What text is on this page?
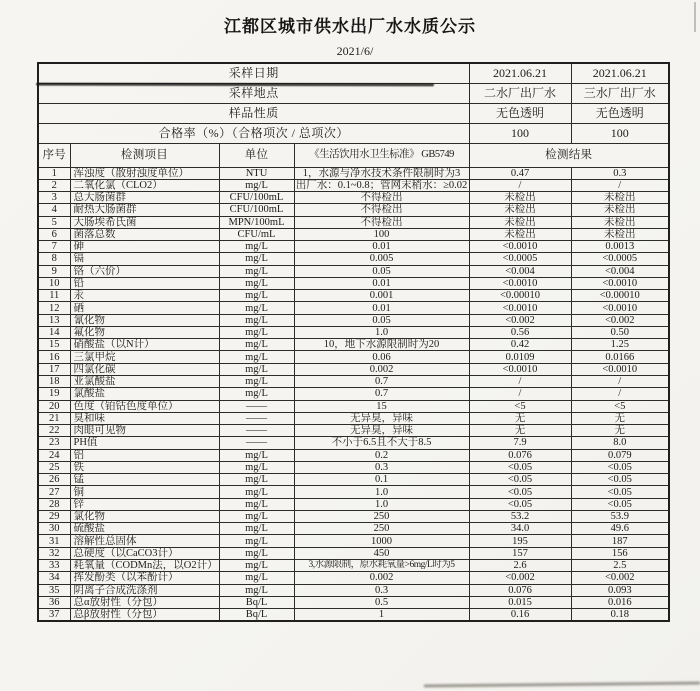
江都区城市供水出厂水水质公示
2021/6/
采样日期				2021.06.21	2021.06.21
采样地点				二水厂出厂水	三水厂出厂水
样品性质				无色透明	无色透明
合格率（%）（合格项次 / 总项次）				100	100
序号	检测项目	单位	《生活饮用水卫生标准》 GB5749	检测结果	
1	浑浊度（散射浊度单位）	NTU	1，水源与净水技术条件限制时为3	0.47	0.3
2	二氧化氯（CLO2）	mg/L	出厂水：0.1~0.8；管网末稍水：≥0.02	/	/
3	总大肠菌群	CFU/100mL	不得检出	未检出	未检出
4	耐热大肠菌群	CFU/100mL	不得检出	未检出	未检出
5	大肠埃希氏菌	MPN/100mL	不得检出	未检出	未检出
6	菌落总数	CFU/mL	100	未检出	未检出
7	砷	mg/L	0.01	<0.0010	0.0013
8	镉	mg/L	0.005	<0.0005	<0.0005
9	铬（六价）	mg/L	0.05	<0.004	<0.004
10	铅	mg/L	0.01	<0.0010	<0.0010
11	汞	mg/L	0.001	<0.00010	<0.00010
12	硒	mg/L	0.01	<0.0010	<0.0010
13	氰化物	mg/L	0.05	<0.002	<0.002
14	氟化物	mg/L	1.0	0.56	0.50
15	硝酸盐（以N计）	mg/L	10，地下水源限制时为20	0.42	1.25
16	三氯甲烷	mg/L	0.06	0.0109	0.0166
17	四氯化碳	mg/L	0.002	<0.0010	<0.0010
18	亚氯酸盐	mg/L	0.7	/	/
19	氯酸盐	mg/L	0.7	/	/
20	色度（铂钴色度单位）	——	15	<5	<5
21	臭和味	——	无异臭，异味	无	无
22	肉眼可见物	——	无异臭，异味	无	无
23	PH值	——	不小于6.5且不大于8.5	7.9	8.0
24	铝	mg/L	0.2	0.076	0.079
25	铁	mg/L	0.3	<0.05	<0.05
26	锰	mg/L	0.1	<0.05	<0.05
27	铜	mg/L	1.0	<0.05	<0.05
28	锌	mg/L	1.0	<0.05	<0.05
29	氯化物	mg/L	250	53.2	53.9
30	硫酸盐	mg/L	250	34.0	49.6
31	溶解性总固体	mg/L	1000	195	187
32	总硬度（以CaCO3计）	mg/L	450	157	156
33	耗氧量（CODMn法，以O2计）	mg/L	3,水源限制，原水耗氧量>6mg/L时为5	2.6	2.5
34	挥发酚类（以苯酚计）	mg/L	0.002	<0.002	<0.002
35	阴离子合成洗涤剂	mg/L	0.3	0.076	0.093
36	总α放射性（分包）	Bq/L	0.5	0.015	0.016
37	总β放射性（分包）	Bq/L	1	0.16	0.18
